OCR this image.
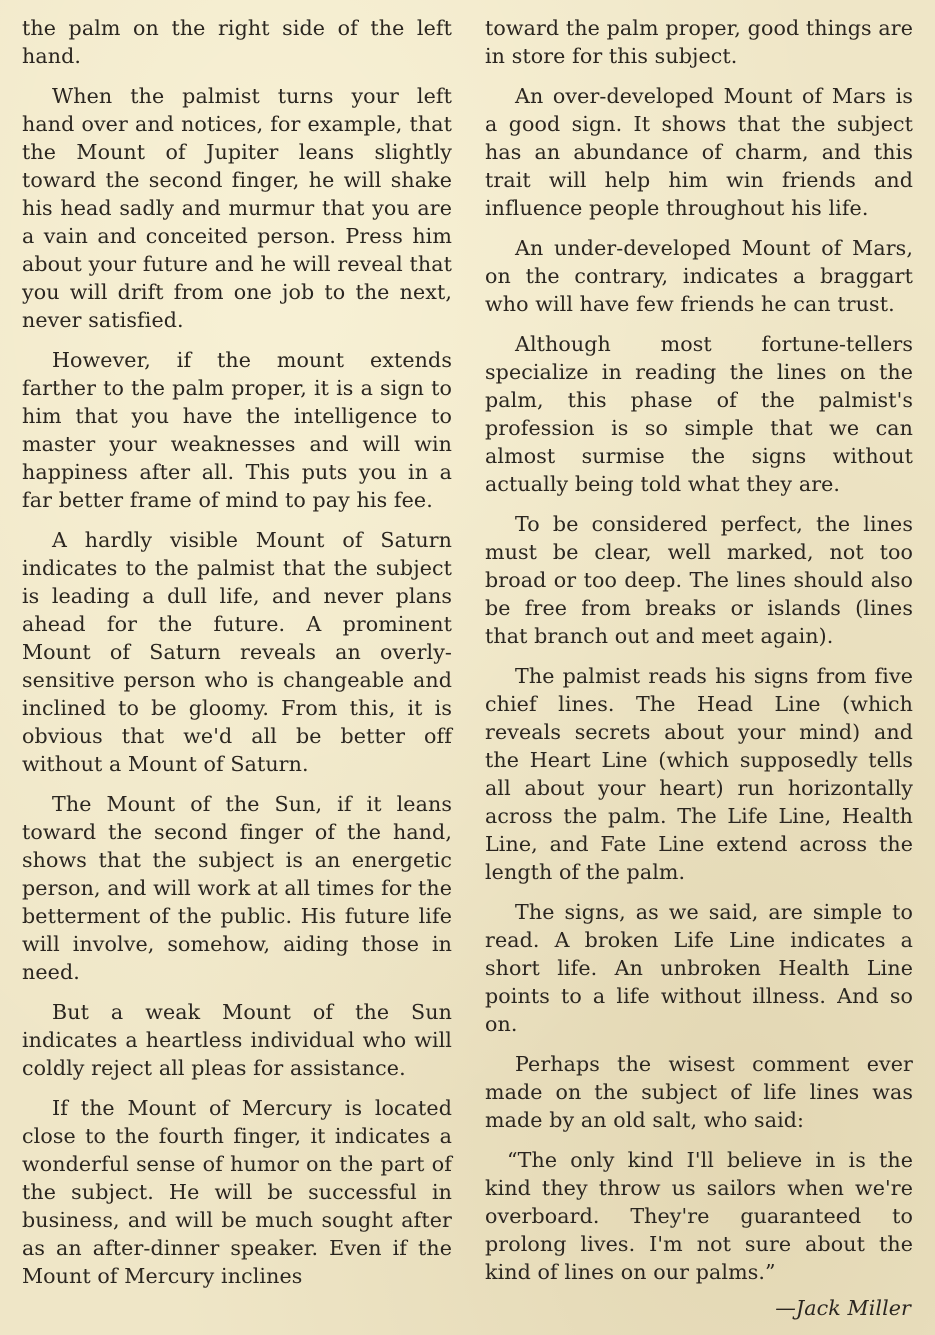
the palm on the right side of the left hand.

When the palmist turns your left hand over and notices, for example, that the Mount of Jupiter leans slightly toward the second finger, he will shake his head sadly and murmur that you are a vain and conceited person. Press him about your future and he will reveal that you will drift from one job to the next, never satisfied.

However, if the mount extends farther to the palm proper, it is a sign to him that you have the intelligence to master your weaknesses and will win happiness after all. This puts you in a far better frame of mind to pay his fee.

A hardly visible Mount of Saturn indicates to the palmist that the subject is leading a dull life, and never plans ahead for the future. A prominent Mount of Saturn reveals an overly-sensitive person who is changeable and inclined to be gloomy. From this, it is obvious that we'd all be better off without a Mount of Saturn.

The Mount of the Sun, if it leans toward the second finger of the hand, shows that the subject is an energetic person, and will work at all times for the betterment of the public. His future life will involve, somehow, aiding those in need.

But a weak Mount of the Sun indicates a heartless individual who will coldly reject all pleas for assistance.

If the Mount of Mercury is located close to the fourth finger, it indicates a wonderful sense of humor on the part of the subject. He will be successful in business, and will be much sought after as an after-dinner speaker. Even if the Mount of Mercury inclines

toward the palm proper, good things are in store for this subject.

An over-developed Mount of Mars is a good sign. It shows that the subject has an abundance of charm, and this trait will help him win friends and influence people throughout his life.

An under-developed Mount of Mars, on the contrary, indicates a braggart who will have few friends he can trust.

Although most fortune-tellers specialize in reading the lines on the palm, this phase of the palmist's profession is so simple that we can almost surmise the signs without actually being told what they are.

To be considered perfect, the lines must be clear, well marked, not too broad or too deep. The lines should also be free from breaks or islands (lines that branch out and meet again).

The palmist reads his signs from five chief lines. The Head Line (which reveals secrets about your mind) and the Heart Line (which supposedly tells all about your heart) run horizontally across the palm. The Life Line, Health Line, and Fate Line extend across the length of the palm.

The signs, as we said, are simple to read. A broken Life Line indicates a short life. An unbroken Health Line points to a life without illness. And so on.

Perhaps the wisest comment ever made on the subject of life lines was made by an old salt, who said:

“The only kind I'll believe in is the kind they throw us sailors when we're overboard. They're guaranteed to prolong lives. I'm not sure about the kind of lines on our palms.”

—Jack Miller
